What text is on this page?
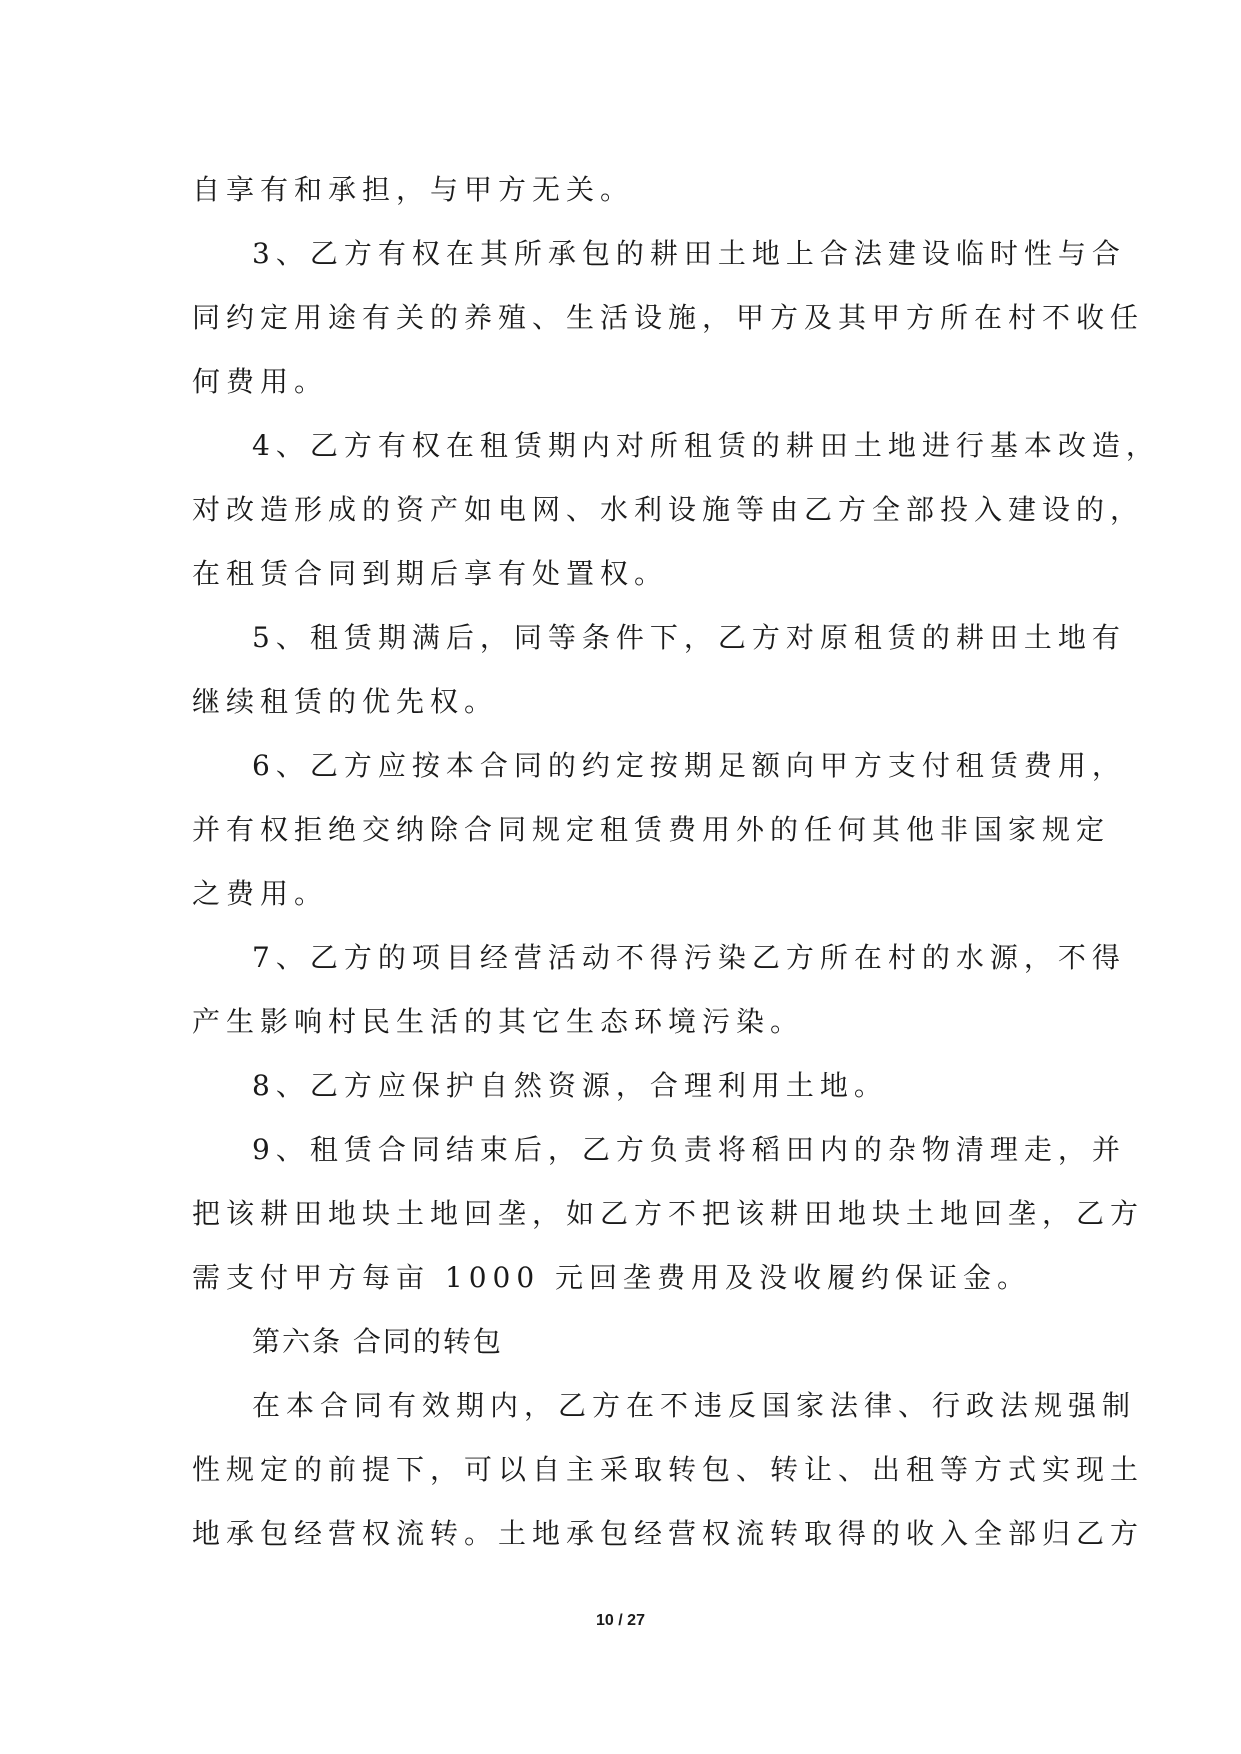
自享有和承担，与甲方无关。
3、乙方有权在其所承包的耕田土地上合法建设临时性与合
同约定用途有关的养殖、生活设施，甲方及其甲方所在村不收任
何费用。
4、乙方有权在租赁期内对所租赁的耕田土地进行基本改造，
对改造形成的资产如电网、水利设施等由乙方全部投入建设的，
在租赁合同到期后享有处置权。
5、租赁期满后，同等条件下，乙方对原租赁的耕田土地有
继续租赁的优先权。
6、乙方应按本合同的约定按期足额向甲方支付租赁费用，
并有权拒绝交纳除合同规定租赁费用外的任何其他非国家规定
之费用。
7、乙方的项目经营活动不得污染乙方所在村的水源，不得
产生影响村民生活的其它生态环境污染。
8、乙方应保护自然资源，合理利用土地。
9、租赁合同结束后，乙方负责将稻田内的杂物清理走，并
把该耕田地块土地回垄，如乙方不把该耕田地块土地回垄，乙方
需支付甲方每亩 1000 元回垄费用及没收履约保证金。
第六条 合同的转包
在本合同有效期内，乙方在不违反国家法律、行政法规强制
性规定的前提下，可以自主采取转包、转让、出租等方式实现土
地承包经营权流转。土地承包经营权流转取得的收入全部归乙方
10 / 27
